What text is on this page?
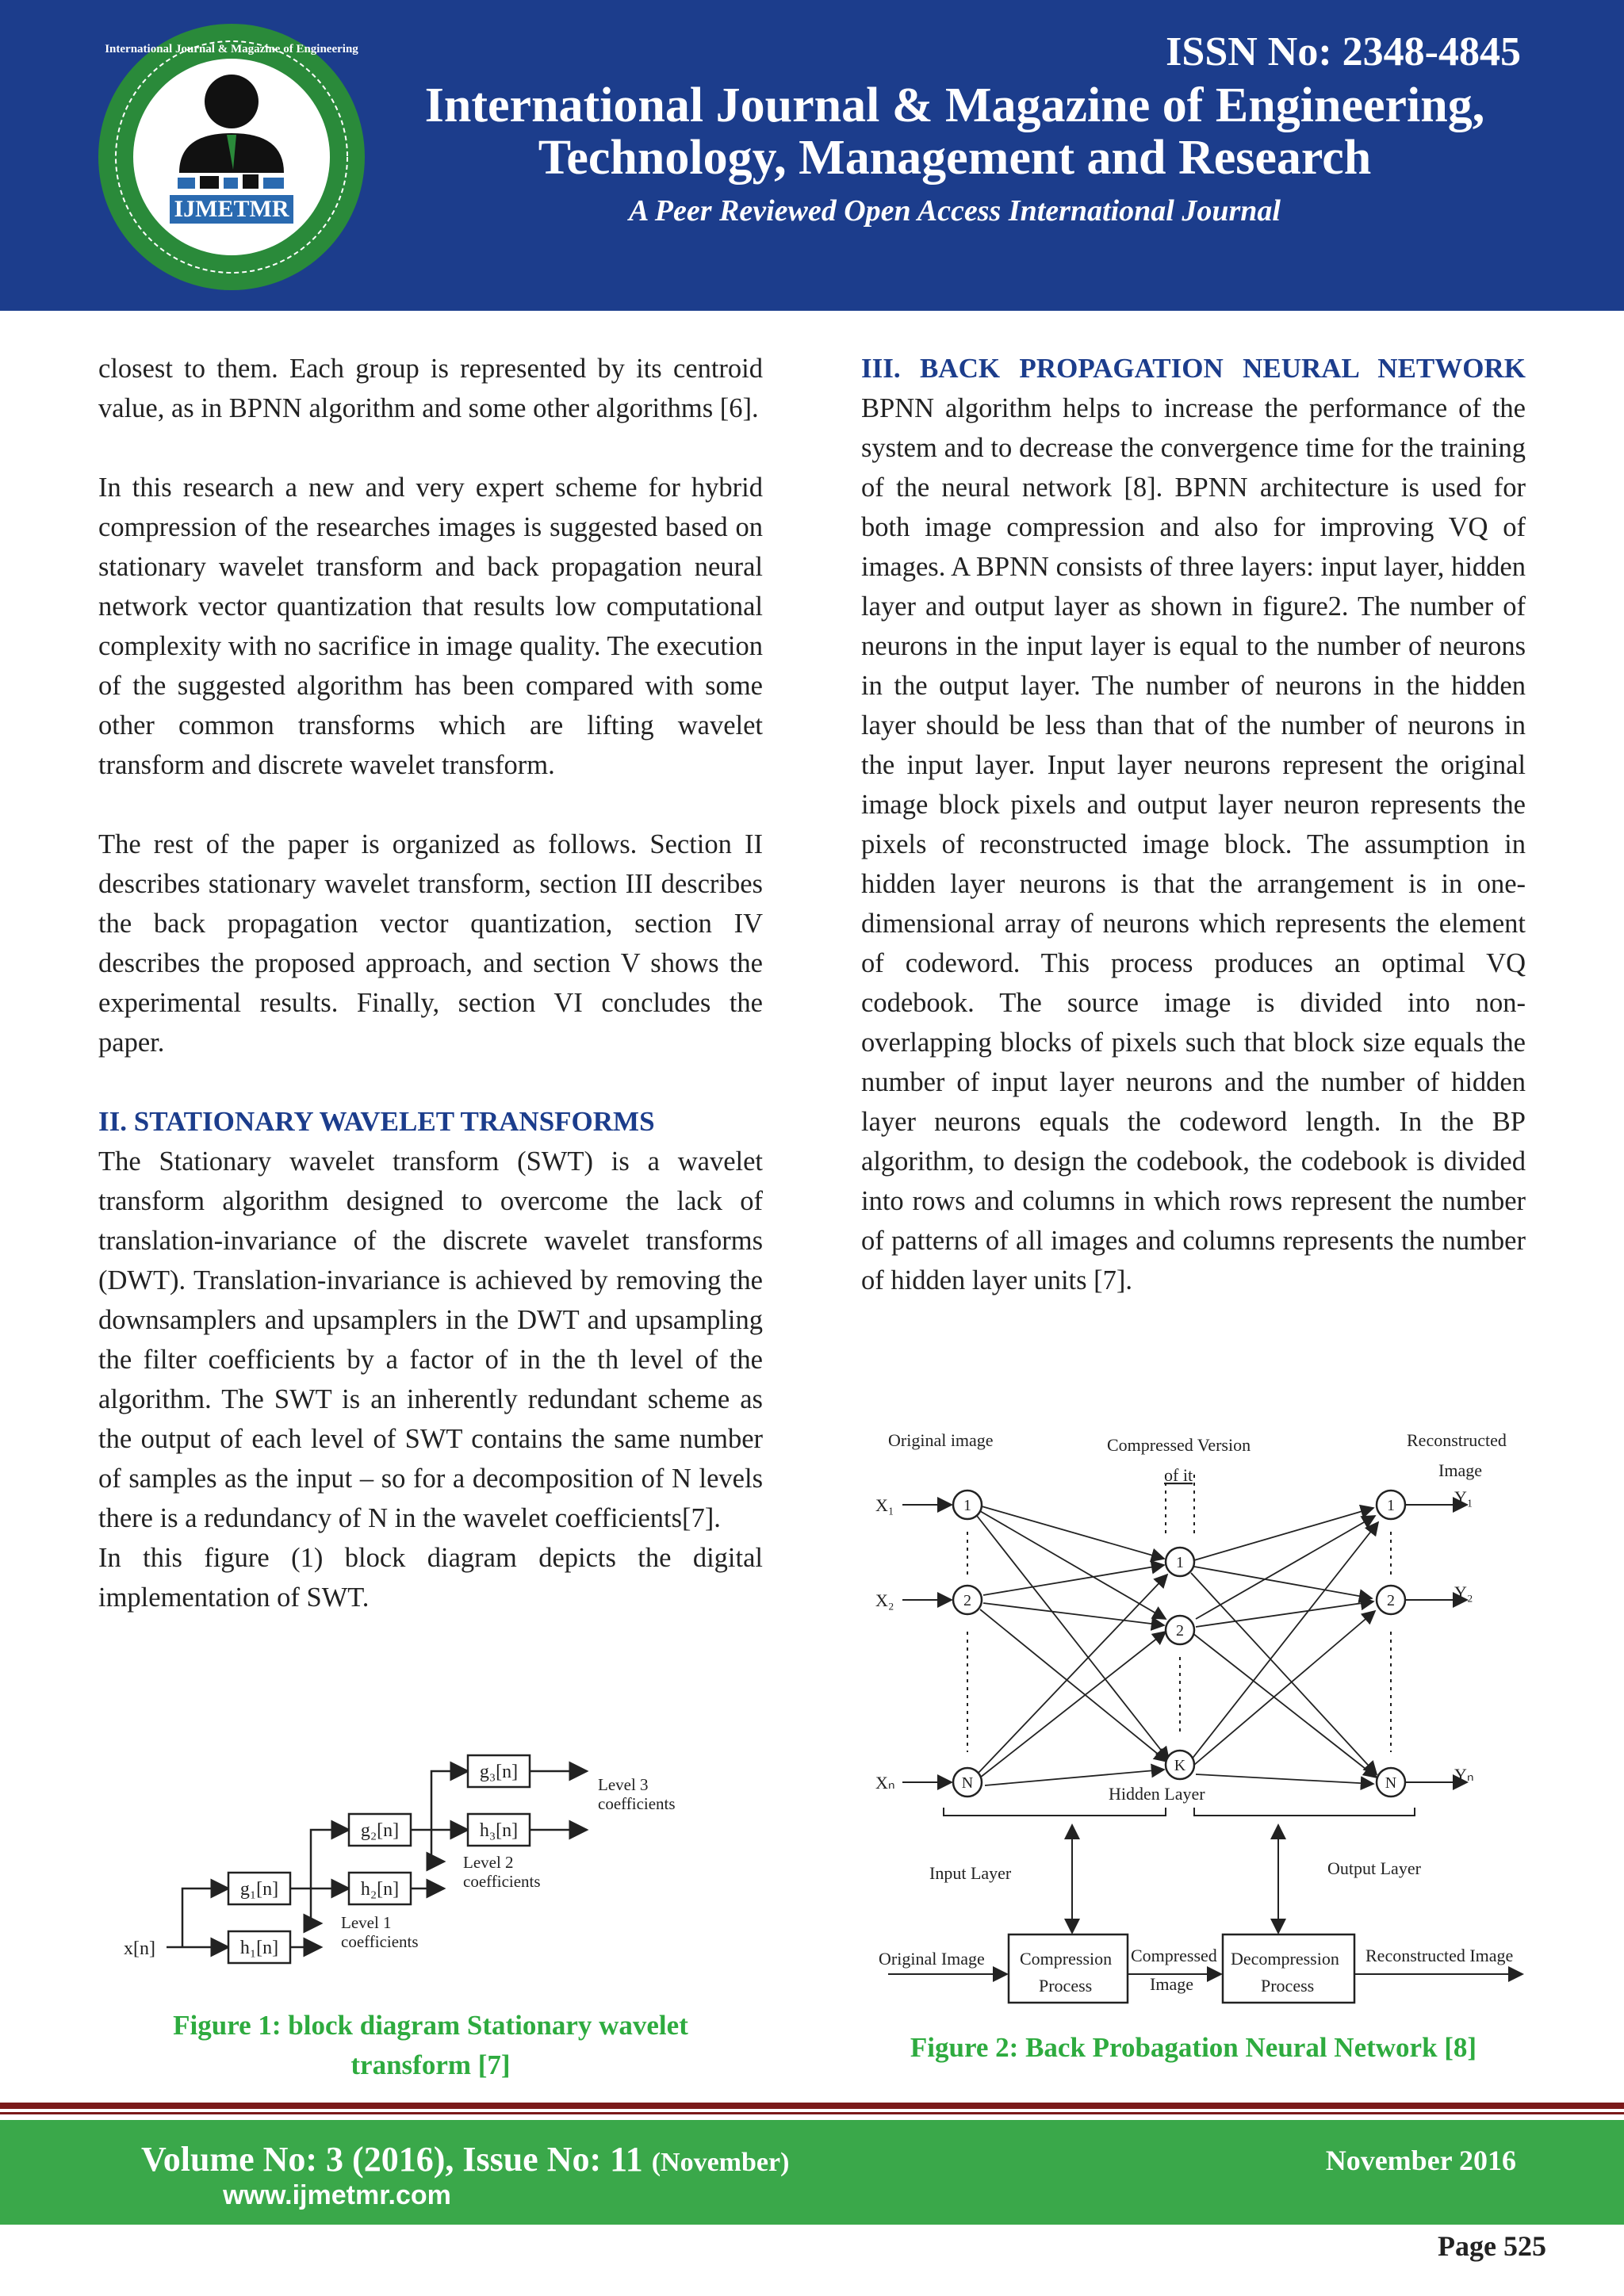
International Journal & Magazine of Engineering
IJMETMR
ISSN No: 2348-4845
International Journal & Magazine of Engineering,
Technology, Management and Research
A Peer Reviewed Open Access International Journal

closest to them. Each group is represented by its centroid value, as in BPNN algorithm and some other algorithms [6].

In this research a new and very expert scheme for hybrid compression of the researches images is suggested based on stationary wavelet transform and back propagation neural network vector quantization that results low computational complexity with no sacrifice in image quality. The execution of the suggested algorithm has been compared with some other common transforms which are lifting wavelet transform and discrete wavelet transform.

The rest of the paper is organized as follows. Section II describes stationary wavelet transform, section III describes the back propagation vector quantization, section IV describes the proposed approach, and section V shows the experimental results. Finally, section VI concludes the paper.

II. STATIONARY WAVELET TRANSFORMS

The Stationary wavelet transform (SWT) is a wavelet transform algorithm designed to overcome the lack of translation-invariance of the discrete wavelet transforms (DWT). Translation-invariance is achieved by removing the downsamplers and upsamplers in the DWT and upsampling the filter coefficients by a factor of in the th level of the algorithm. The SWT is an inherently redundant scheme as the output of each level of SWT contains the same number of samples as the input – so for a decomposition of N levels there is a redundancy of N in the wavelet coefficients[7].

In this figure (1) block diagram depicts the digital implementation of SWT.

x[n]
g₁[n]
h₁[n]
g₂[n]
h₂[n]
g₃[n]
h₃[n]
Level 1
coefficients
Level 2
coefficients
Level 3
coefficients
Figure 1: block diagram Stationary wavelet
transform [7]

III. BACK PROPAGATION NEURAL NETWORK

BPNN algorithm helps to increase the performance of the system and to decrease the convergence time for the training of the neural network [8]. BPNN architecture is used for both image compression and also for improving VQ of images. A BPNN consists of three layers: input layer, hidden layer and output layer as shown in figure2. The number of neurons in the input layer is equal to the number of neurons in the output layer. The number of neurons in the hidden layer should be less than that of the number of neurons in the input layer. Input layer neurons represent the original image block pixels and output layer neuron represents the pixels of reconstructed image block. The assumption in hidden layer neurons is that the arrangement is in one-dimensional array of neurons which represents the element of codeword. This process produces an optimal VQ codebook. The source image is divided into non-overlapping blocks of pixels such that block size equals the number of input layer neurons and the number of hidden layer neurons equals the codeword length. In the BP algorithm, to design the codebook, the codebook is divided into rows and columns in which rows represent the number of patterns of all images and columns represents the number of hidden layer units [7].

1
2
N
1
2
K
1
2
N
Original image	Compressed Version
of it
Reconstructed
Image
X₁
X₂
Xₙ
Y₁
Y₂
Yₙ
Hidden Layer
Input Layer	Output Layer
Original Image Compression
Process
Compressed
Image
Decompression
Process
Reconstructed Image
Figure 2: Back Probagation Neural Network [8]
Volume No: 3 (2016), Issue No: 11 (November)	November 2016
www.ijmetmr.com
Page 525
